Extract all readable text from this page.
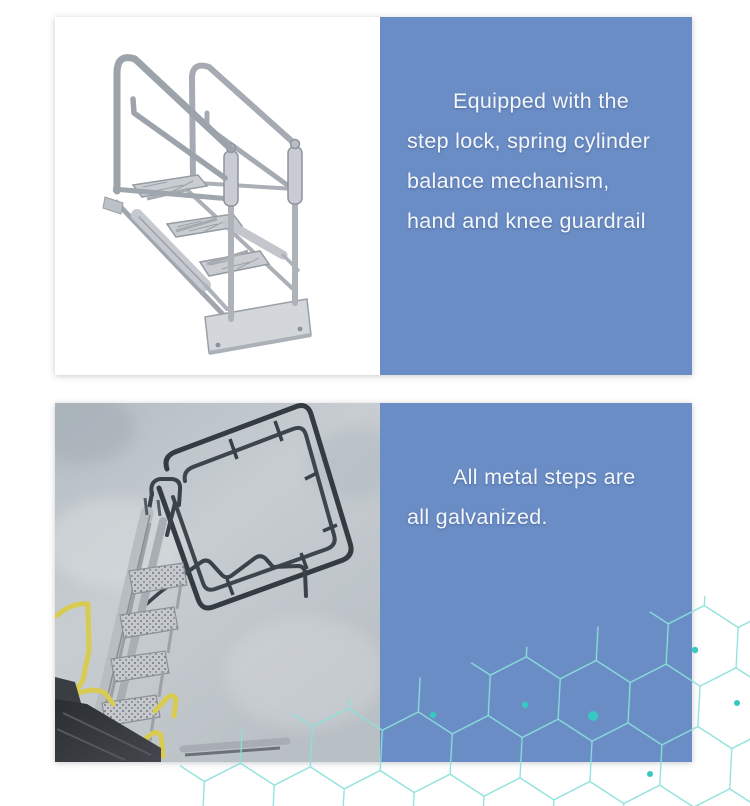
Equipped with the
step lock, spring cylinder
balance mechanism,
hand and knee guardrail
All metal steps are
all galvanized.
